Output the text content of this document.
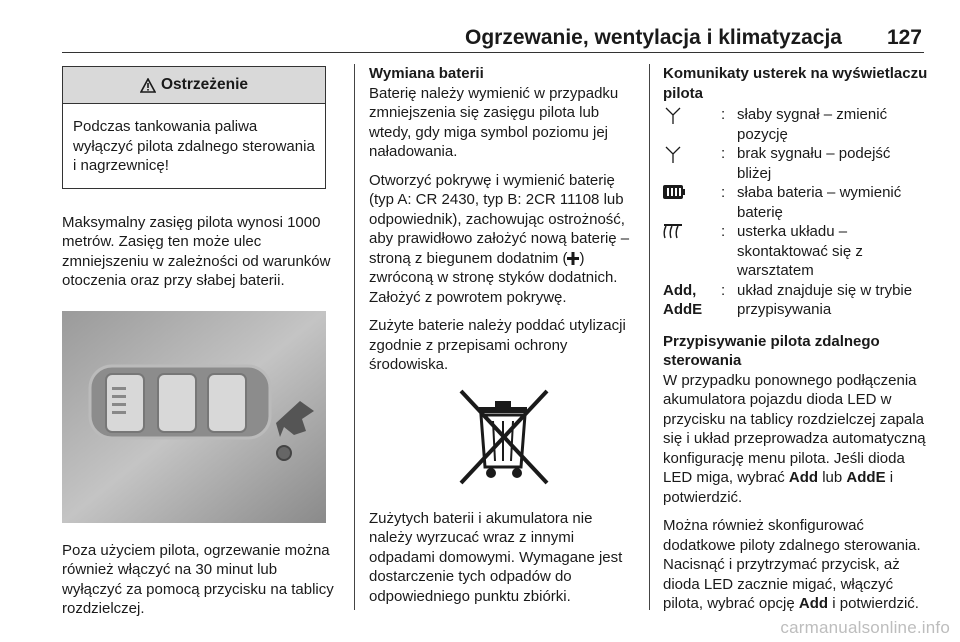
Ogrzewanie, wentylacja i klimatyzacja 127
Ostrzeżenie
Podczas tankowania paliwa wyłączyć pilota zdalnego sterowania i nagrzewnicę!

Maksymalny zasięg pilota wynosi 1000 metrów. Zasięg ten może ulec zmniejszeniu w zależności od warunków otoczenia oraz przy słabej baterii.

Poza użyciem pilota, ogrzewanie można również włączyć na 30 minut lub wyłączyć za pomocą przycisku na tablicy rozdzielczej.

Wymiana baterii

Baterię należy wymienić w przypadku zmniejszenia się zasięgu pilota lub wtedy, gdy miga symbol poziomu jej naładowania.

Otworzyć pokrywę i wymienić baterię (typ A: CR 2430, typ B: 2CR 11108 lub odpowiednik), zachowując ostrożność, aby prawidłowo założyć nową baterię – stroną z biegunem dodatnim ( ) zwróconą w stronę styków dodatnich. Założyć z powrotem pokrywę.

Zużyte baterie należy poddać utylizacji zgodnie z przepisami ochrony środowiska.

Zużytych baterii i akumulatora nie należy wyrzucać wraz z innymi odpadami domowymi. Wymagane jest dostarczenie tych odpadów do odpowiedniego punktu zbiórki.

Komunikaty usterek na wyświetlaczu pilota
	:	słaby sygnał – zmienić pozycję
	:	brak sygnału – podejść bliżej
	:	słaba bateria – wymienić baterię
	:	usterka układu – skontaktować się z warsztatem
Add, AddE	:	układ znajduje się w trybie przypisywania
Przypisywanie pilota zdalnego sterowania

W przypadku ponownego podłączenia akumulatora pojazdu dioda LED w przycisku na tablicy rozdzielczej zapala się i układ przeprowadza automatyczną konfigurację menu pilota. Jeśli dioda LED miga, wybrać Add lub AddE i potwierdzić.

Można również skonfigurować dodatkowe piloty zdalnego sterowania. Nacisnąć i przytrzymać przycisk, aż dioda LED zacznie migać, włączyć pilota, wybrać opcję Add i potwierdzić.

carmanualsonline.info
